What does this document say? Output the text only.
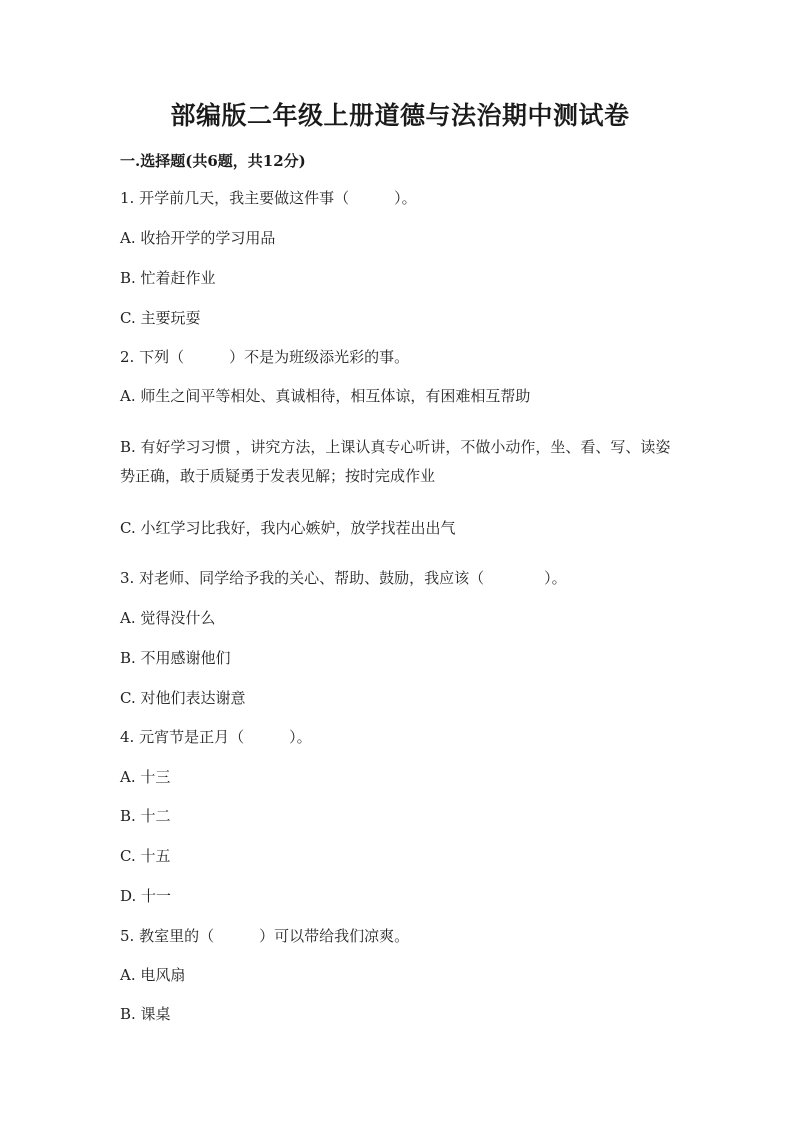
部编版二年级上册道德与法治期中测试卷
一.选择题(共6题，共12分)
1. 开学前几天，我主要做这件事（　　　）。
A. 收拾开学的学习用品
B. 忙着赶作业
C. 主要玩耍
2. 下列（　　　）不是为班级添光彩的事。
A. 师生之间平等相处、真诚相待，相互体谅，有困难相互帮助
B. 有好学习习惯 ，讲究方法，上课认真专心听讲，不做小动作，坐、看、写、读姿势正确，敢于质疑勇于发表见解；按时完成作业
C. 小红学习比我好，我内心嫉妒，放学找茬出出气
3. 对老师、同学给予我的关心、帮助、鼓励，我应该（　　　　）。
A. 觉得没什么
B. 不用感谢他们
C. 对他们表达谢意
4. 元宵节是正月（　　　）。
A. 十三
B. 十二
C. 十五
D. 十一
5. 教室里的（　　　）可以带给我们凉爽。
A. 电风扇
B. 课桌
